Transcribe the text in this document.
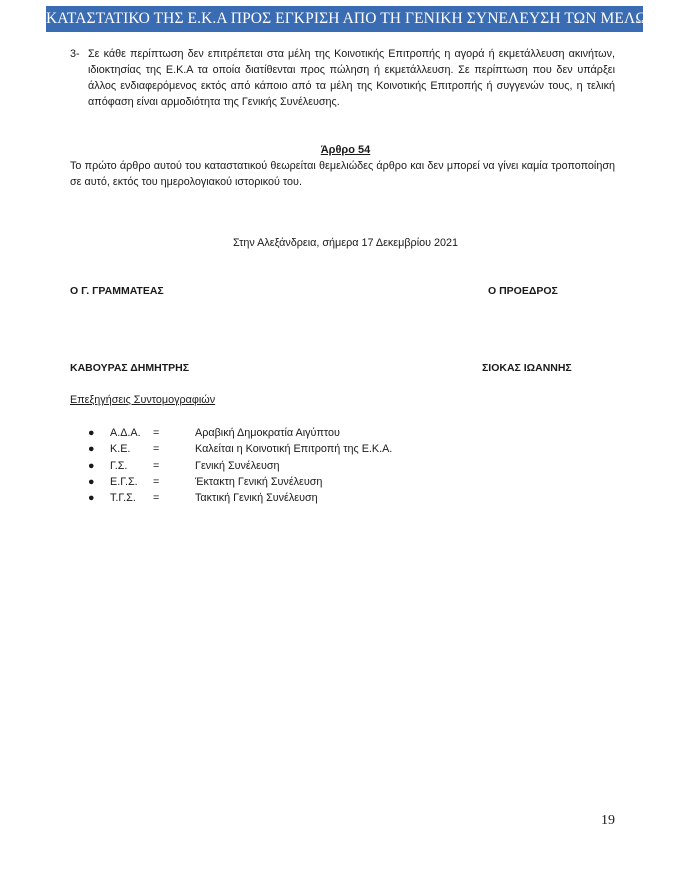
ΚΑΤΑΣΤΑΤΙΚΟ ΤΗΣ Ε.Κ.Α ΠΡΟΣ ΕΓΚΡΙΣΗ ΑΠΟ ΤΗ ΓΕΝΙΚΗ ΣΥΝΕΛΕΥΣΗ ΤΩΝ ΜΕΛΩΝ
3- Σε κάθε περίπτωση δεν επιτρέπεται στα μέλη της Κοινοτικής Επιτροπής η αγορά ή εκμετάλλευση ακινήτων, ιδιοκτησίας της Ε.Κ.Α τα οποία διατίθενται προς πώληση ή εκμετάλλευση. Σε περίπτωση που δεν υπάρξει άλλος ενδιαφερόμενος εκτός από κάποιο από τα μέλη της Κοινοτικής Επιτροπής ή συγγενών τους, η τελική απόφαση είναι αρμοδιότητα της Γενικής Συνέλευσης.
Άρθρο 54
Το πρώτο άρθρο αυτού του καταστατικού θεωρείται θεμελιώδες άρθρο και δεν μπορεί να γίνει καμία τροποποίηση σε αυτό, εκτός του ημερολογιακού ιστορικού του.
Στην Αλεξάνδρεια, σήμερα 17 Δεκεμβρίου 2021
Ο Γ. ΓΡΑΜΜΑΤΕΑΣ	Ο ΠΡΟΕΔΡΟΣ
ΚΑΒΟΥΡΑΣ ΔΗΜΗΤΡΗΣ	ΣΙΟΚΑΣ ΙΩΑΝΝΗΣ
Επεξηγήσεις Συντομογραφιών
● Α.Δ.Α. =	Αραβική Δημοκρατία Αιγύπτου
● Κ.Ε. =	Καλείται η Κοινοτική Επιτροπή της Ε.Κ.Α.
● Γ.Σ. =	Γενική Συνέλευση
● Ε.Γ.Σ. =	Έκτακτη Γενική Συνέλευση
● Τ.Γ.Σ. =	Τακτική Γενική Συνέλευση
19
